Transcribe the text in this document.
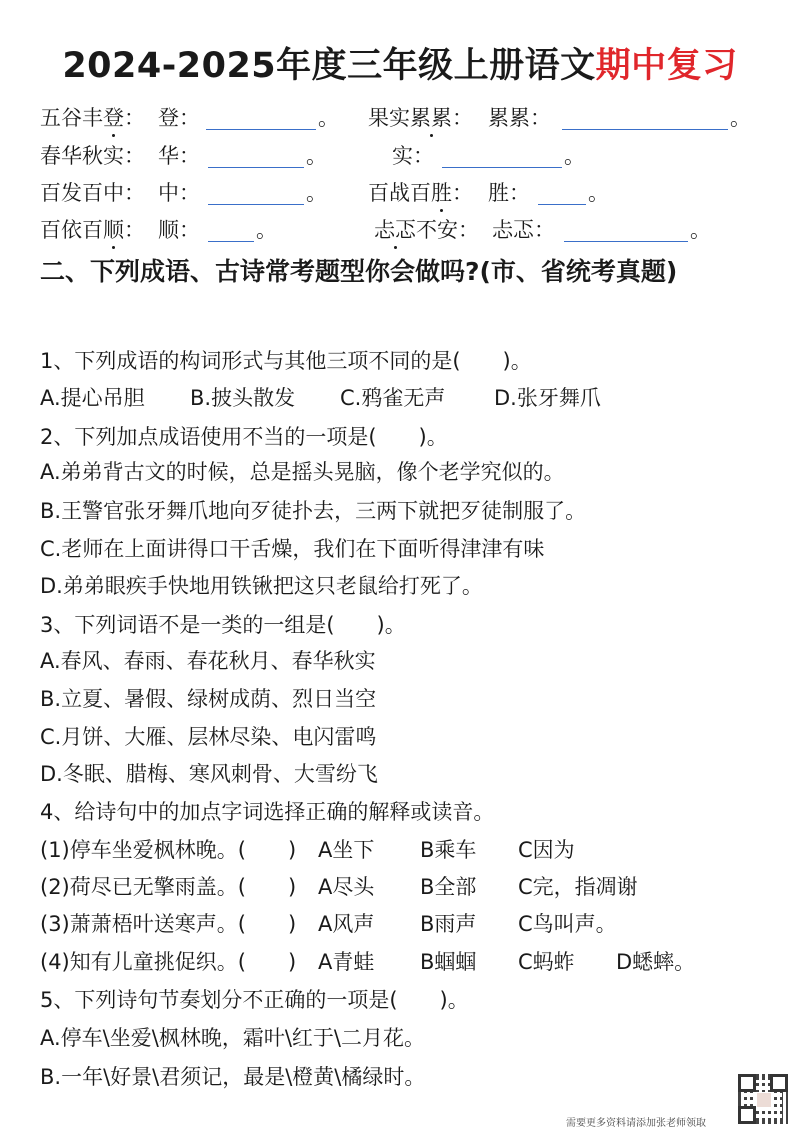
2024-2025年度三年级上册语文期中复习
五谷丰登： 登：	。 果实累累： 累累：	。
春华秋实： 华：	。	实：	。
百发百中： 中：	。 百战百胜： 胜：	。
百依百顺： 顺：	。	忐忑不安： 忐忑：	。
二、下列成语、古诗常考题型你会做吗?(市、省统考真题)
1、下列成语的构词形式与其他三项不同的是(　　)。
A.提心吊胆 B.披头散发 C.鸦雀无声 D.张牙舞爪
2、下列加点成语使用不当的一项是(　　)。
A.弟弟背古文的时候，总是摇头晃脑，像个老学究似的。
B.王警官张牙舞爪地向歹徒扑去，三两下就把歹徒制服了。
C.老师在上面讲得口干舌燥，我们在下面听得津津有味
D.弟弟眼疾手快地用铁锹把这只老鼠给打死了。
3、下列词语不是一类的一组是(　　)。
A.春风、春雨、春花秋月、春华秋实
B.立夏、暑假、绿树成荫、烈日当空
C.月饼、大雁、层林尽染、电闪雷鸣
D.冬眠、腊梅、寒风刺骨、大雪纷飞
4、给诗句中的加点字词选择正确的解释或读音。
(1)停车坐爱枫林晚。(　　) A坐下 B乘车 C因为
(2)荷尽已无擎雨盖。(　　) A尽头 B全部 C完，指凋谢
(3)萧萧梧叶送寒声。(　　) A风声 B雨声 C鸟叫声。
(4)知有儿童挑促织。(　　) A青蛙 B蝈蝈 C蚂蚱 D蟋蟀。
5、下列诗句节奏划分不正确的一项是(　　)。
A.停车\坐爱\枫林晚，霜叶\红于\二月花。
B.一年\好景\君须记，最是\橙黄\橘绿时。
需要更多资料请添加张老师领取
